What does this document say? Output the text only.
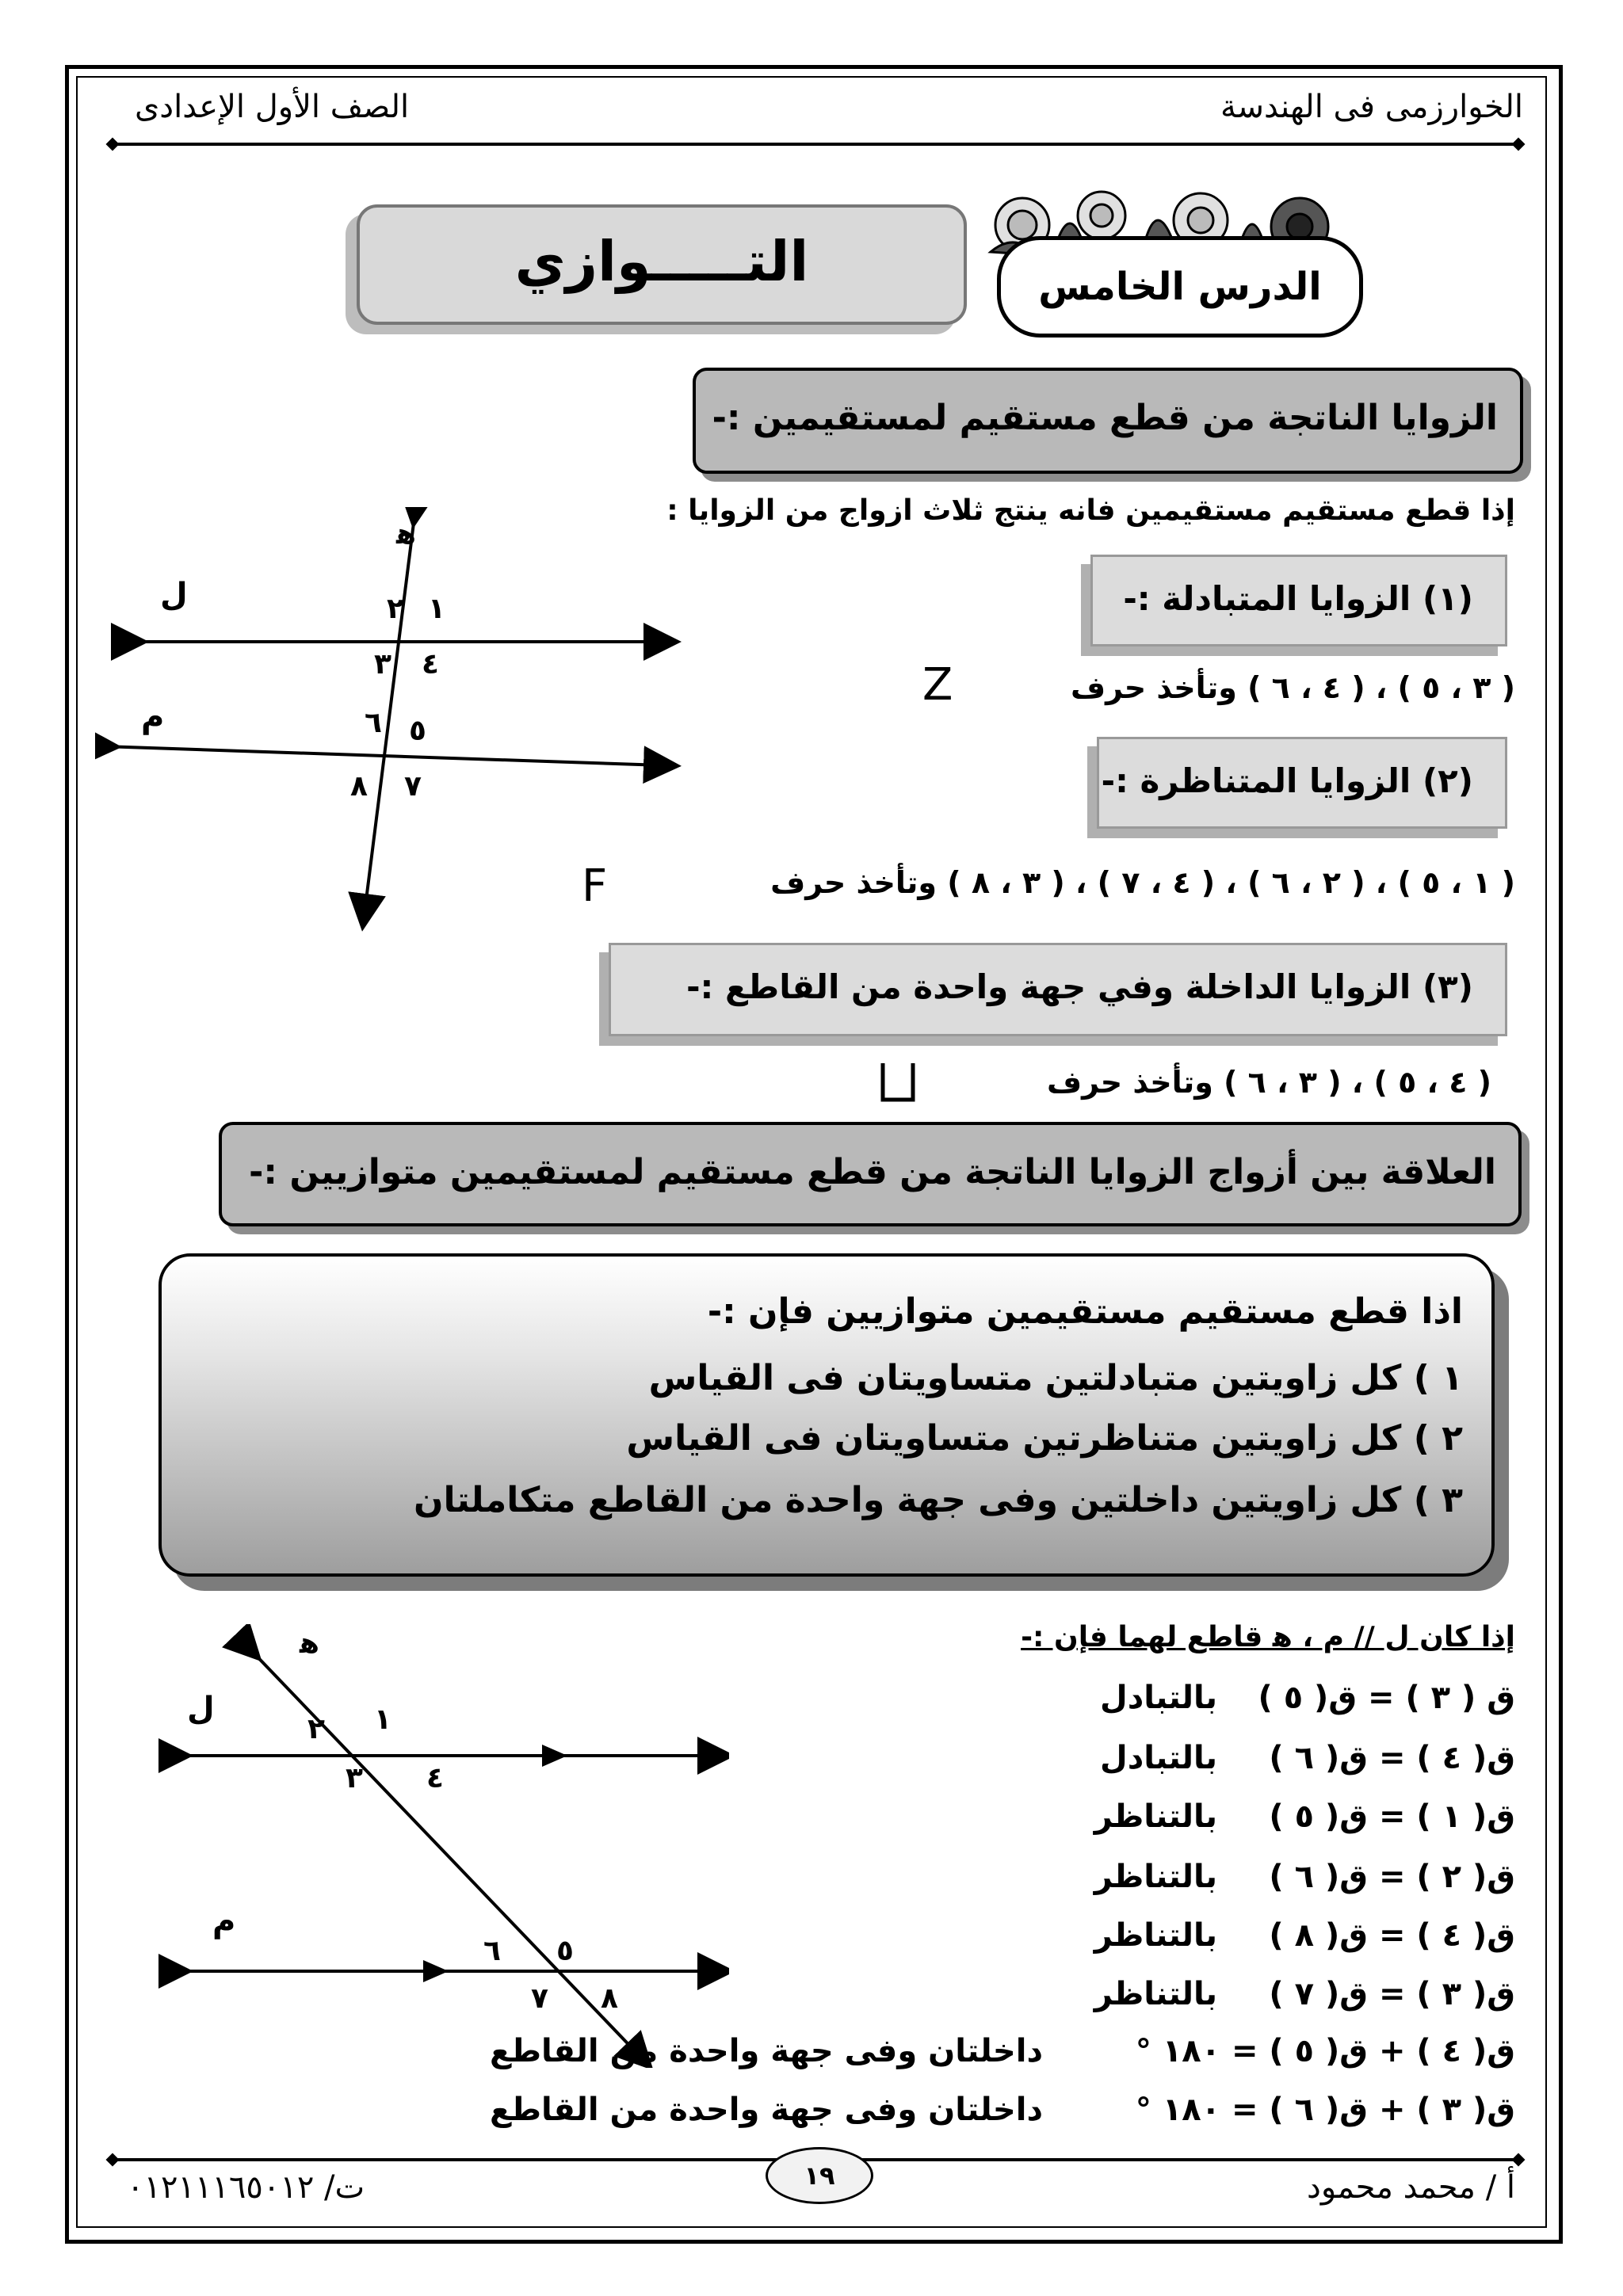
الخوارزمى فى الهندسة
الصف الأول الإعدادى
التـــــوازي	الدرس الخامس
الزوايا الناتجة من قطع مستقيم لمستقيمين :-
إذا قطع مستقيم مستقيمين فانه ينتج ثلاث ازواج من الزوايا :
(١) الزوايا المتبادلة :-
( ٣ ، ٥ ) ، ( ٤ ، ٦ ) وتأخذ حرف
Z
(٢) الزوايا المتناظرة :-
( ١ ، ٥ ) ، ( ٢ ، ٦ ) ، ( ٤ ، ٧ ) ، ( ٣ ، ٨ ) وتأخذ حرف
F
(٣) الزوايا الداخلة وفي جهة واحدة من القاطع :-
( ٤ ، ٥ ) ، ( ٣ ، ٦ ) وتأخذ حرف
ﻫ
ل
م
١
٢
٣ ٤
٥
٦
٧
٨
العلاقة بين أزواج الزوايا الناتجة من قطع مستقيم لمستقيمين متوازيين :-
اذا قطع مستقيم مستقيمين متوازيين فإن :-
١ ) كل زاويتين متبادلتين متساويتان فى القياس
٢ ) كل زاويتين متناظرتين متساويتان فى القياس
٣ ) كل زاويتين داخلتين وفى جهة واحدة من القاطع متكاملتان
إذا كان ل // م ، ﻫ قاطع لهما فإن :-
ق ( ٣ ) = ق( ٥ )
بالتبادل
ق( ٤ ) = ق( ٦ )
بالتبادل
ق( ١ ) = ق( ٥ )
بالتناظر
ق( ٢ ) = ق( ٦ )
بالتناظر
ق( ٤ ) = ق( ٨ )
بالتناظر
ق( ٣ ) = ق( ٧ )
بالتناظر
ق( ٤ ) + ق( ٥ ) = ١٨٠ °
داخلتان وفى جهة واحدة من القاطع
ق( ٣ ) + ق( ٦ ) = ١٨٠ °
داخلتان وفى جهة واحدة من القاطع
ﻫ
ل
م
١
٢
٣ ٤
٥
٦
٧ ٨
١٩	أ / محمد محمود
ت/ ٠١٢١١١٦٥٠١٢
